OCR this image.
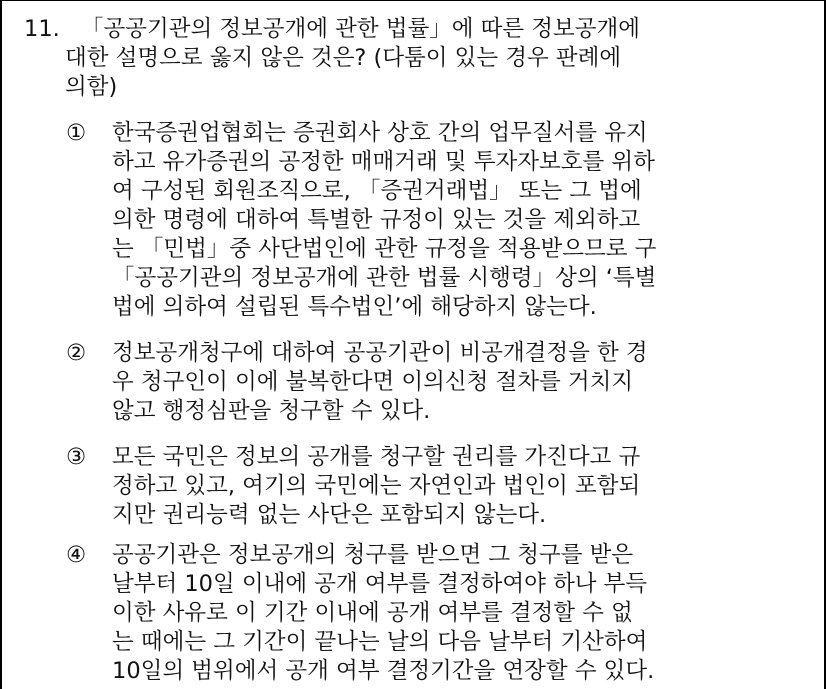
11. 「공공기관의 정보공개에 관한 법률」에 따른 정보공개에
대한 설명으로 옳지 않은 것은? (다툼이 있는 경우 판례에
의함)
① 한국증권업협회는 증권회사 상호 간의 업무질서를 유지
하고 유가증권의 공정한 매매거래 및 투자자보호를 위하
여 구성된 회원조직으로, 「증권거래법」 또는 그 법에
의한 명령에 대하여 특별한 규정이 있는 것을 제외하고
는 「민법」중 사단법인에 관한 규정을 적용받으므로 구
「공공기관의 정보공개에 관한 법률 시행령」상의 ‘특별
법에 의하여 설립된 특수법인’에 해당하지 않는다.
② 정보공개청구에 대하여 공공기관이 비공개결정을 한 경
우 청구인이 이에 불복한다면 이의신청 절차를 거치지
않고 행정심판을 청구할 수 있다.
③ 모든 국민은 정보의 공개를 청구할 권리를 가진다고 규
정하고 있고, 여기의 국민에는 자연인과 법인이 포함되
지만 권리능력 없는 사단은 포함되지 않는다.
④ 공공기관은 정보공개의 청구를 받으면 그 청구를 받은
날부터 10일 이내에 공개 여부를 결정하여야 하나 부득
이한 사유로 이 기간 이내에 공개 여부를 결정할 수 없
는 때에는 그 기간이 끝나는 날의 다음 날부터 기산하여
10일의 범위에서 공개 여부 결정기간을 연장할 수 있다.
